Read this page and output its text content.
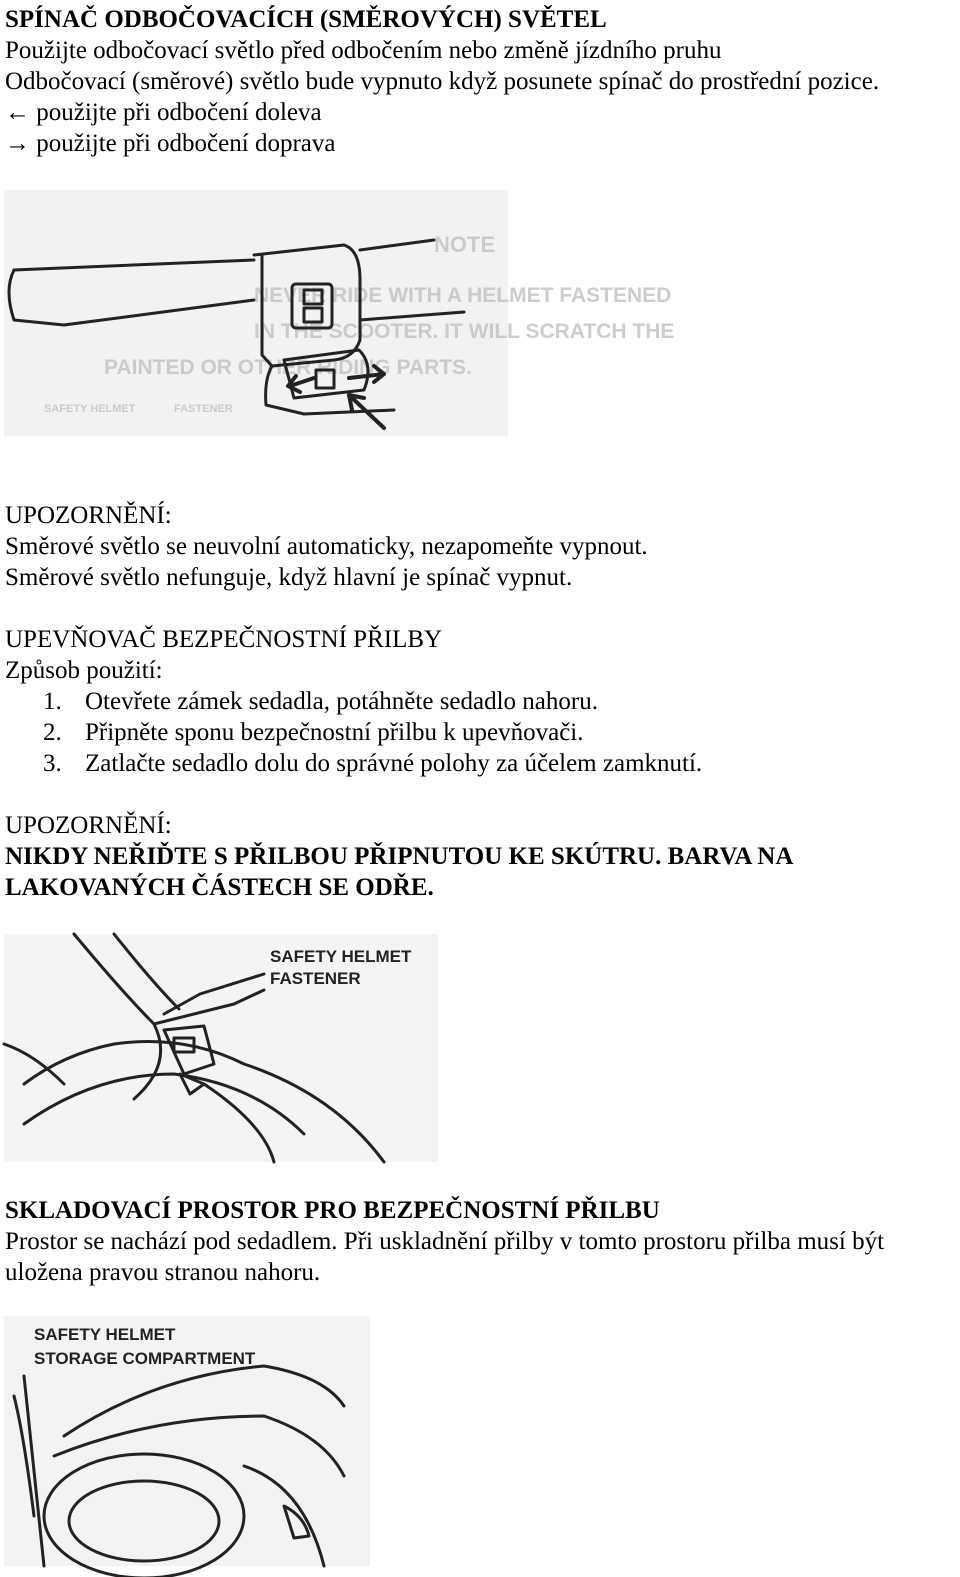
SPÍNAČ ODBOČOVACÍCH (SMĚROVÝCH) SVĚTEL
Použijte odbočovací světlo před odbočením nebo změně jízdního pruhu
Odbočovací (směrové) světlo bude vypnuto když posunete spínač do prostřední pozice.
← použijte při odbočení doleva
→ použijte při odbočení doprava
NOTE
NEVER RIDE WITH A HELMET FASTENED
IN THE SCOOTER. IT WILL SCRATCH THE
PAINTED OR OTHER RIDING PARTS.
SAFETY HELMET	FASTENER
UPOZORNĚNÍ:
Směrové světlo se neuvolní automaticky, nezapomeňte vypnout.
Směrové světlo nefunguje, když hlavní je spínač vypnut.
UPEVŇOVAČ BEZPEČNOSTNÍ PŘILBY
Způsob použití:
1. Otevřete zámek sedadla, potáhněte sedadlo nahoru.
2. Připněte sponu bezpečnostní přilbu k upevňovači.
3. Zatlačte sedadlo dolu do správné polohy za účelem zamknutí.
UPOZORNĚNÍ:
NIKDY NEŘIĎTE S PŘILBOU PŘIPNUTOU KE SKÚTRU. BARVA NA LAKOVANÝCH ČÁSTECH SE ODŘE.
SAFETY HELMET
FASTENER
SKLADOVACÍ PROSTOR PRO BEZPEČNOSTNÍ PŘILBU
Prostor se nachází pod sedadlem. Při uskladnění přilby v tomto prostoru přilba musí být uložena pravou stranou nahoru.
SAFETY HELMET
STORAGE COMPARTMENT
